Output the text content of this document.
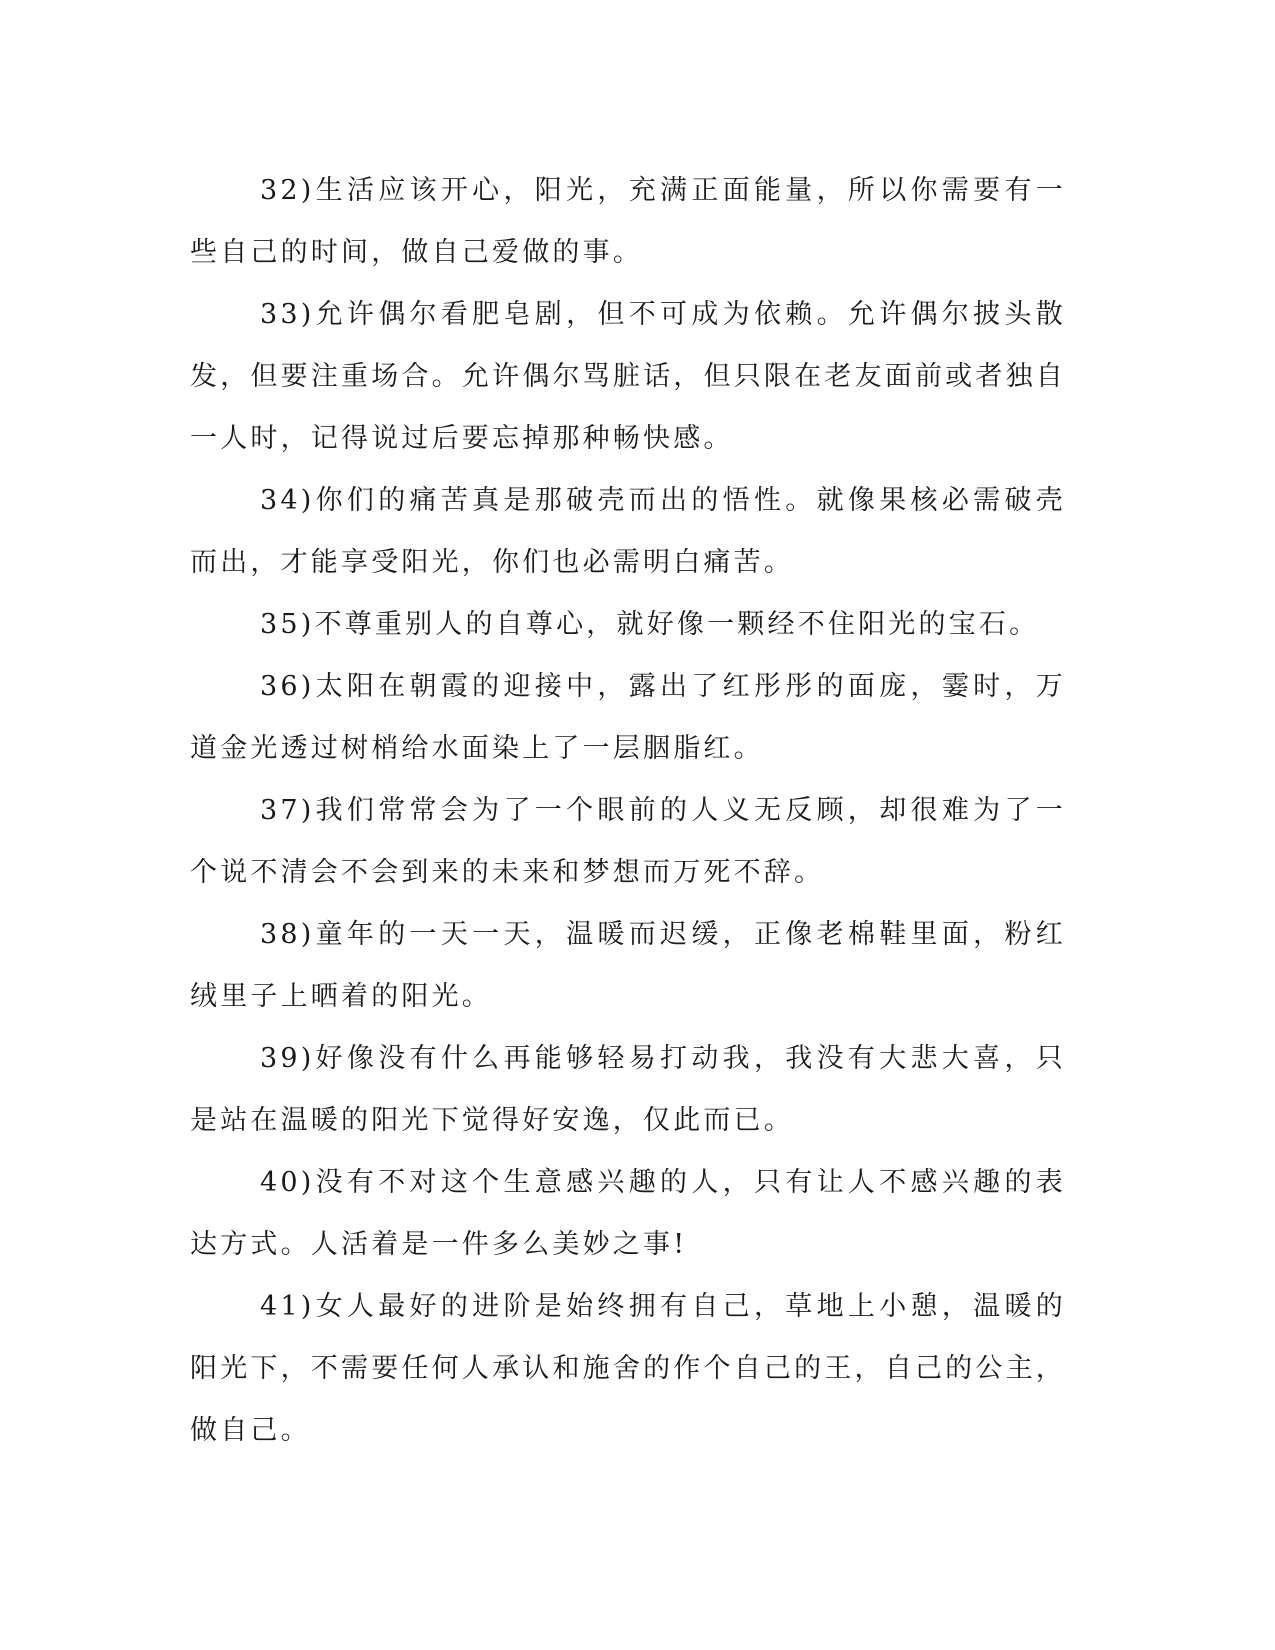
32)生活应该开心，阳光，充满正面能量，所以你需要有一些自己的时间，做自己爱做的事。

33)允许偶尔看肥皂剧，但不可成为依赖。允许偶尔披头散发，但要注重场合。允许偶尔骂脏话，但只限在老友面前或者独自一人时，记得说过后要忘掉那种畅快感。

34)你们的痛苦真是那破壳而出的悟性。就像果核必需破壳而出，才能享受阳光，你们也必需明白痛苦。

35)不尊重别人的自尊心，就好像一颗经不住阳光的宝石。

36)太阳在朝霞的迎接中，露出了红彤彤的面庞，霎时，万道金光透过树梢给水面染上了一层胭脂红。

37)我们常常会为了一个眼前的人义无反顾，却很难为了一个说不清会不会到来的未来和梦想而万死不辞。

38)童年的一天一天，温暖而迟缓，正像老棉鞋里面，粉红绒里子上晒着的阳光。

39)好像没有什么再能够轻易打动我，我没有大悲大喜，只是站在温暖的阳光下觉得好安逸，仅此而已。

40)没有不对这个生意感兴趣的人，只有让人不感兴趣的表达方式。人活着是一件多么美妙之事!

41)女人最好的进阶是始终拥有自己，草地上小憩，温暖的阳光下，不需要任何人承认和施舍的作个自己的王，自己的公主，做自己。
